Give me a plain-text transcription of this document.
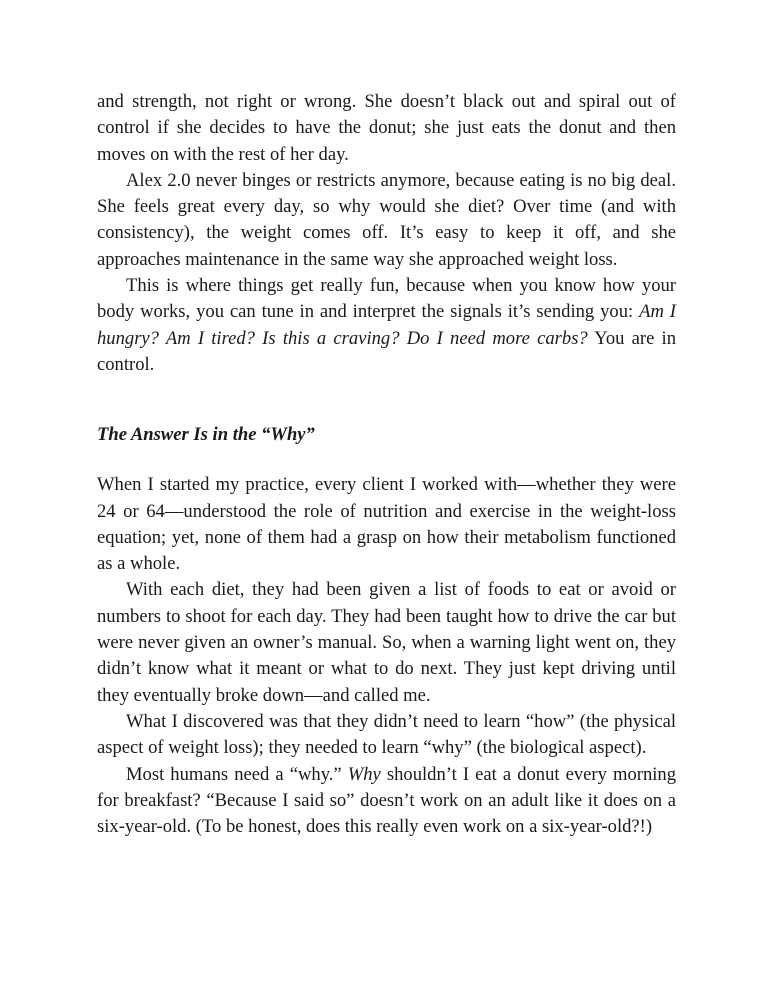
and strength, not right or wrong. She doesn’t black out and spiral out of control if she decides to have the donut; she just eats the donut and then moves on with the rest of her day.

Alex 2.0 never binges or restricts anymore, because eating is no big deal. She feels great every day, so why would she diet? Over time (and with consistency), the weight comes off. It’s easy to keep it off, and she approaches maintenance in the same way she approached weight loss.

This is where things get really fun, because when you know how your body works, you can tune in and interpret the signals it’s sending you: Am I hungry? Am I tired? Is this a craving? Do I need more carbs? You are in control.

The Answer Is in the “Why”

When I started my practice, every client I worked with—whether they were 24 or 64—understood the role of nutrition and exercise in the weight-loss equation; yet, none of them had a grasp on how their metabolism functioned as a whole.

With each diet, they had been given a list of foods to eat or avoid or numbers to shoot for each day. They had been taught how to drive the car but were never given an owner’s manual. So, when a warning light went on, they didn’t know what it meant or what to do next. They just kept driving until they eventually broke down—and called me.

What I discovered was that they didn’t need to learn “how” (the physical aspect of weight loss); they needed to learn “why” (the biological aspect).

Most humans need a “why.” Why shouldn’t I eat a donut every morning for breakfast? “Because I said so” doesn’t work on an adult like it does on a six-year-old. (To be honest, does this really even work on a six-year-old?!)
